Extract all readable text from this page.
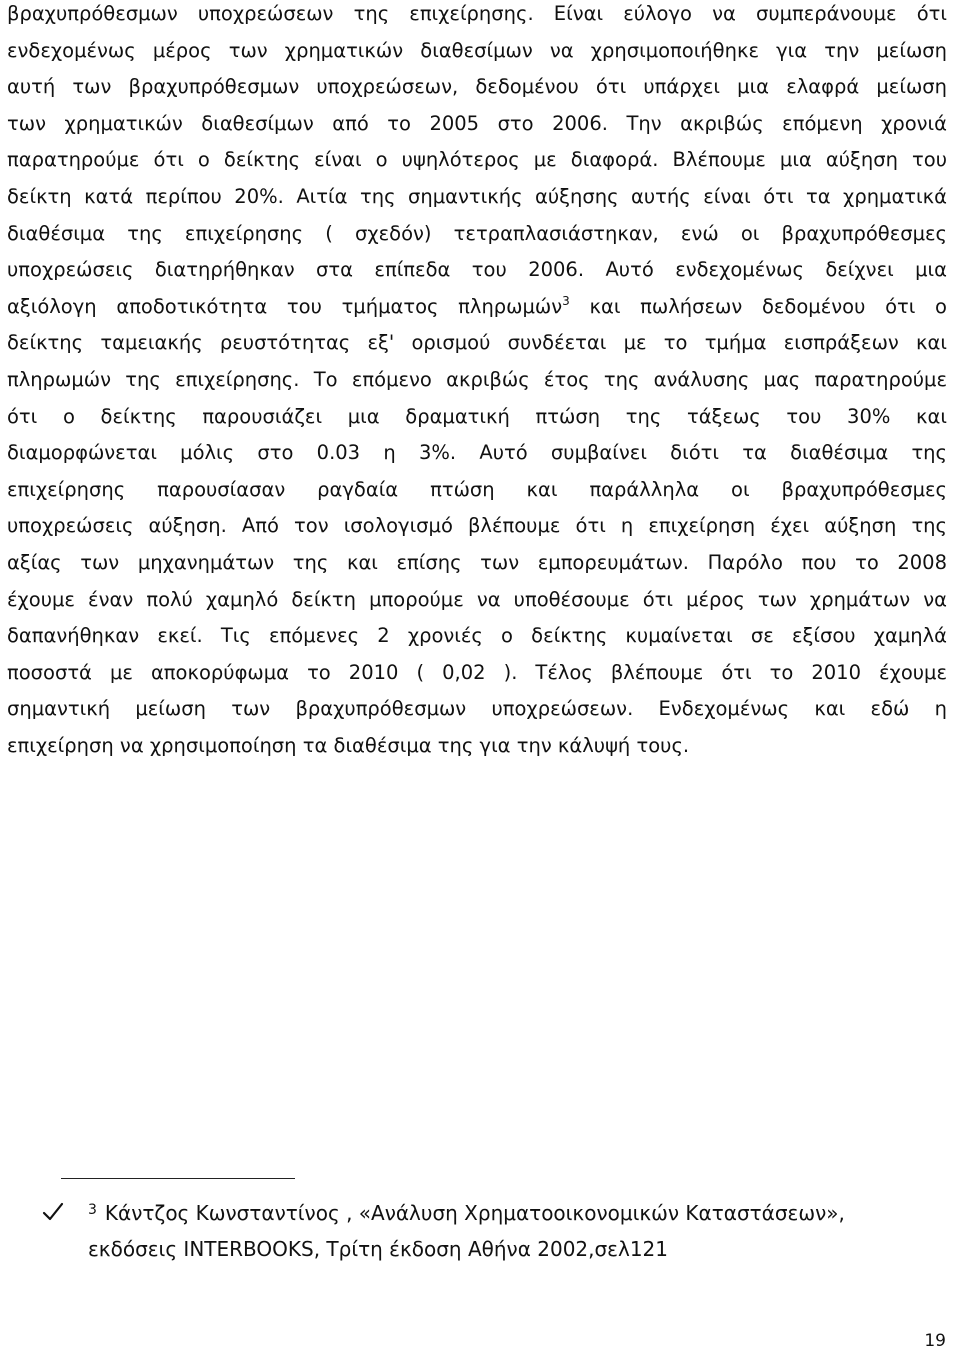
βραχυπρόθεσμων υποχρεώσεων της επιχείρησης. Είναι εύλογο να συμπεράνουμε ότι
ενδεχομένως μέρος των χρηματικών διαθεσίμων να χρησιμοποιήθηκε για την μείωση
αυτή των βραχυπρόθεσμων υποχρεώσεων, δεδομένου ότι υπάρχει μια ελαφρά μείωση
των χρηματικών διαθεσίμων από το 2005 στο 2006. Την ακριβώς επόμενη χρονιά
παρατηρούμε ότι ο δείκτης είναι ο υψηλότερος με διαφορά. Βλέπουμε μια αύξηση του
δείκτη κατά περίπου 20%. Αιτία της σημαντικής αύξησης αυτής είναι ότι τα χρηματικά
διαθέσιμα της επιχείρησης ( σχεδόν) τετραπλασιάστηκαν, ενώ οι βραχυπρόθεσμες
υποχρεώσεις διατηρήθηκαν στα επίπεδα του 2006. Αυτό ενδεχομένως δείχνει μια
αξιόλογη αποδοτικότητα του τμήματος πληρωμών$^3$ και πωλήσεων δεδομένου ότι ο
δείκτης ταμειακής ρευστότητας εξ' ορισμού συνδέεται με το τμήμα εισπράξεων και
πληρωμών της επιχείρησης. Το επόμενο ακριβώς έτος της ανάλυσης μας παρατηρούμε
ότι ο δείκτης παρουσιάζει μια δραματική πτώση της τάξεως του 30% και
διαμορφώνεται μόλις στο 0.03 η 3%. Αυτό συμβαίνει διότι τα διαθέσιμα της
επιχείρησης παρουσίασαν ραγδαία πτώση και παράλληλα οι βραχυπρόθεσμες
υποχρεώσεις αύξηση. Από τον ισολογισμό βλέπουμε ότι η επιχείρηση έχει αύξηση της
αξίας των μηχανημάτων της και επίσης των εμπορευμάτων. Παρόλο που το 2008
έχουμε έναν πολύ χαμηλό δείκτη μπορούμε να υποθέσουμε ότι μέρος των χρημάτων να
δαπανήθηκαν εκεί. Τις επόμενες 2 χρονιές ο δείκτης κυμαίνεται σε εξίσου χαμηλά
ποσοστά με αποκορύφωμα το 2010 ( 0,02 ). Τέλος βλέπουμε ότι το 2010 έχουμε
σημαντική μείωση των βραχυπρόθεσμων υποχρεώσεων. Ενδεχομένως και εδώ η
επιχείρηση να χρησιμοποίηση τα διαθέσιμα της για την κάλυψή τους.
$^3$ Κάντζος Κωνσταντίνος , «Ανάλυση Χρηματοοικονομικών Καταστάσεων»,
εκδόσεις INTERBOOKS, Τρίτη έκδοση Αθήνα 2002,σελ121
19
